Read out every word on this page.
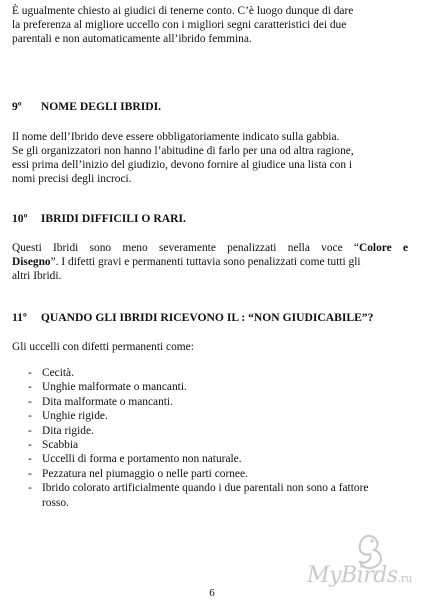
È ugualmente chiesto ai giudici di tenerne conto. C’è luogo dunque di dare

la preferenza al migliore uccello con i migliori segni caratteristici dei due

parentali e non automaticamente all’ibrido femmina.

9º NOME DEGLI IBRIDI.

Il nome dell’Ibrido deve essere obbligatoriamente indicato sulla gabbia.

Se gli organizzatori non hanno l’abitudine di farlo per una od altra ragione,

essi prima dell’inizio del giudizio, devono fornire al giudice una lista con i

nomi precisi degli incroci.

10º IBRIDI DIFFICILI O RARI.

Questi Ibridi sono meno severamente penalizzati nella voce “Colore e

Disegno”. I difetti gravi e permanenti tuttavia sono penalizzati come tutti gli

altri Ibridi.

11º QUANDO GLI IBRIDI RICEVONO IL : “NON GIUDICABILE”?

Gli uccelli con difetti permanenti come:

- Cecità.
- Unghie malformate o mancanti.
- Dita malformate o mancanti.
- Unghie rigide.
- Dita rigide.
- Scabbia
- Uccelli di forma e portamento non naturale.
- Pezzatura nel piumaggio o nelle parti cornee.
- Ibrido colorato artificialmente quando i due parentali non sono a fattore
rosso.
MyBirds.ru
6
